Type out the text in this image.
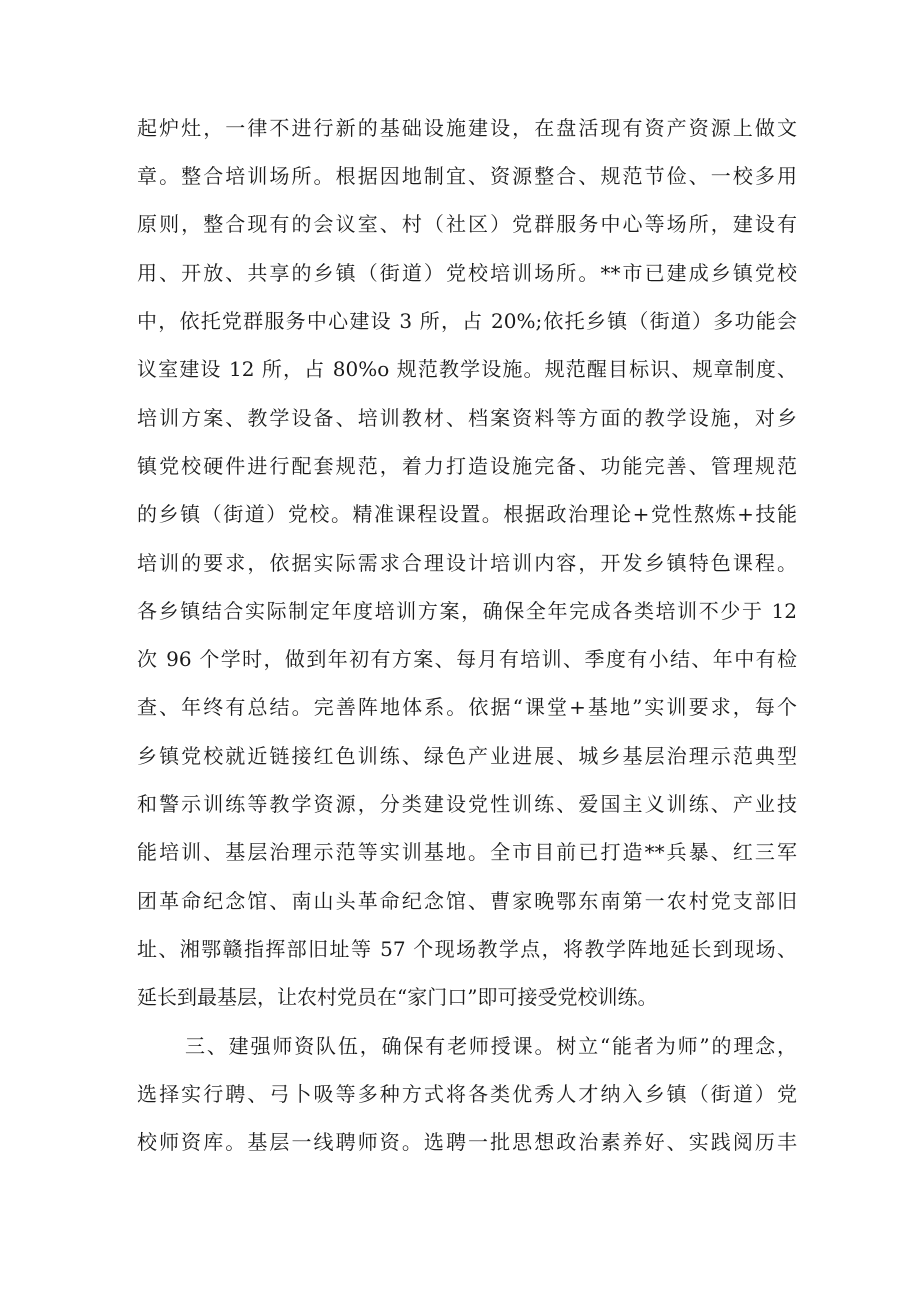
起炉灶，一律不进行新的基础设施建设，在盘活现有资产资源上做文
章。整合培训场所。根据因地制宜、资源整合、规范节俭、一校多用
原则，整合现有的会议室、村（社区）党群服务中心等场所，建设有
用、开放、共享的乡镇（街道）党校培训场所。**市已建成乡镇党校
中，依托党群服务中心建设 3 所，占 20%;依托乡镇（街道）多功能会
议室建设 12 所，占 80%o 规范教学设施。规范醒目标识、规章制度、
培训方案、教学设备、培训教材、档案资料等方面的教学设施，对乡
镇党校硬件进行配套规范，着力打造设施完备、功能完善、管理规范
的乡镇（街道）党校。精准课程设置。根据政治理论+党性熬炼+技能
培训的要求，依据实际需求合理设计培训内容，开发乡镇特色课程。
各乡镇结合实际制定年度培训方案，确保全年完成各类培训不少于 12
次 96 个学时，做到年初有方案、每月有培训、季度有小结、年中有检
查、年终有总结。完善阵地体系。依据“课堂+基地”实训要求，每个
乡镇党校就近链接红色训练、绿色产业进展、城乡基层治理示范典型
和警示训练等教学资源，分类建设党性训练、爱国主义训练、产业技
能培训、基层治理示范等实训基地。全市目前已打造**兵暴、红三军
团革命纪念馆、南山头革命纪念馆、曹家晚鄂东南第一农村党支部旧
址、湘鄂赣指挥部旧址等 57 个现场教学点，将教学阵地延长到现场、
延长到最基层，让农村党员在“家门口”即可接受党校训练。
三、建强师资队伍，确保有老师授课。树立“能者为师”的理念，
选择实行聘、弓卜吸等多种方式将各类优秀人才纳入乡镇（街道）党
校师资库。基层一线聘师资。选聘一批思想政治素养好、实践阅历丰
